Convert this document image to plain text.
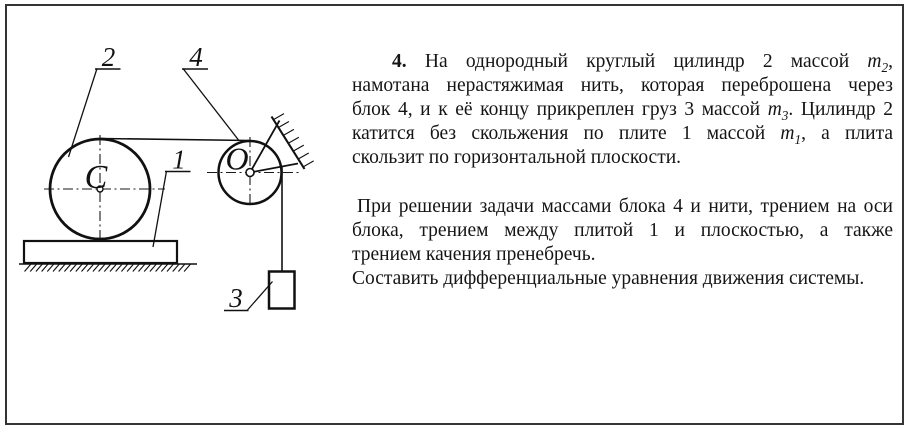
2	4
1
3
C
O
4. На однородный круглый цилиндр 2 массой $m_2$,
намотана нерастяжимая нить, которая переброшена через
блок 4, и к её концу прикреплен груз 3 массой $m_3$. Цилиндр 2
катится без скольжения по плите 1 массой $m_1$, а плита
скользит по горизонтальной плоскости.
При решении задачи массами блока 4 и нити, трением на оси
блока, трением между плитой 1 и плоскостью, а также
трением качения пренебречь.
Составить дифференциальные уравнения движения системы.
